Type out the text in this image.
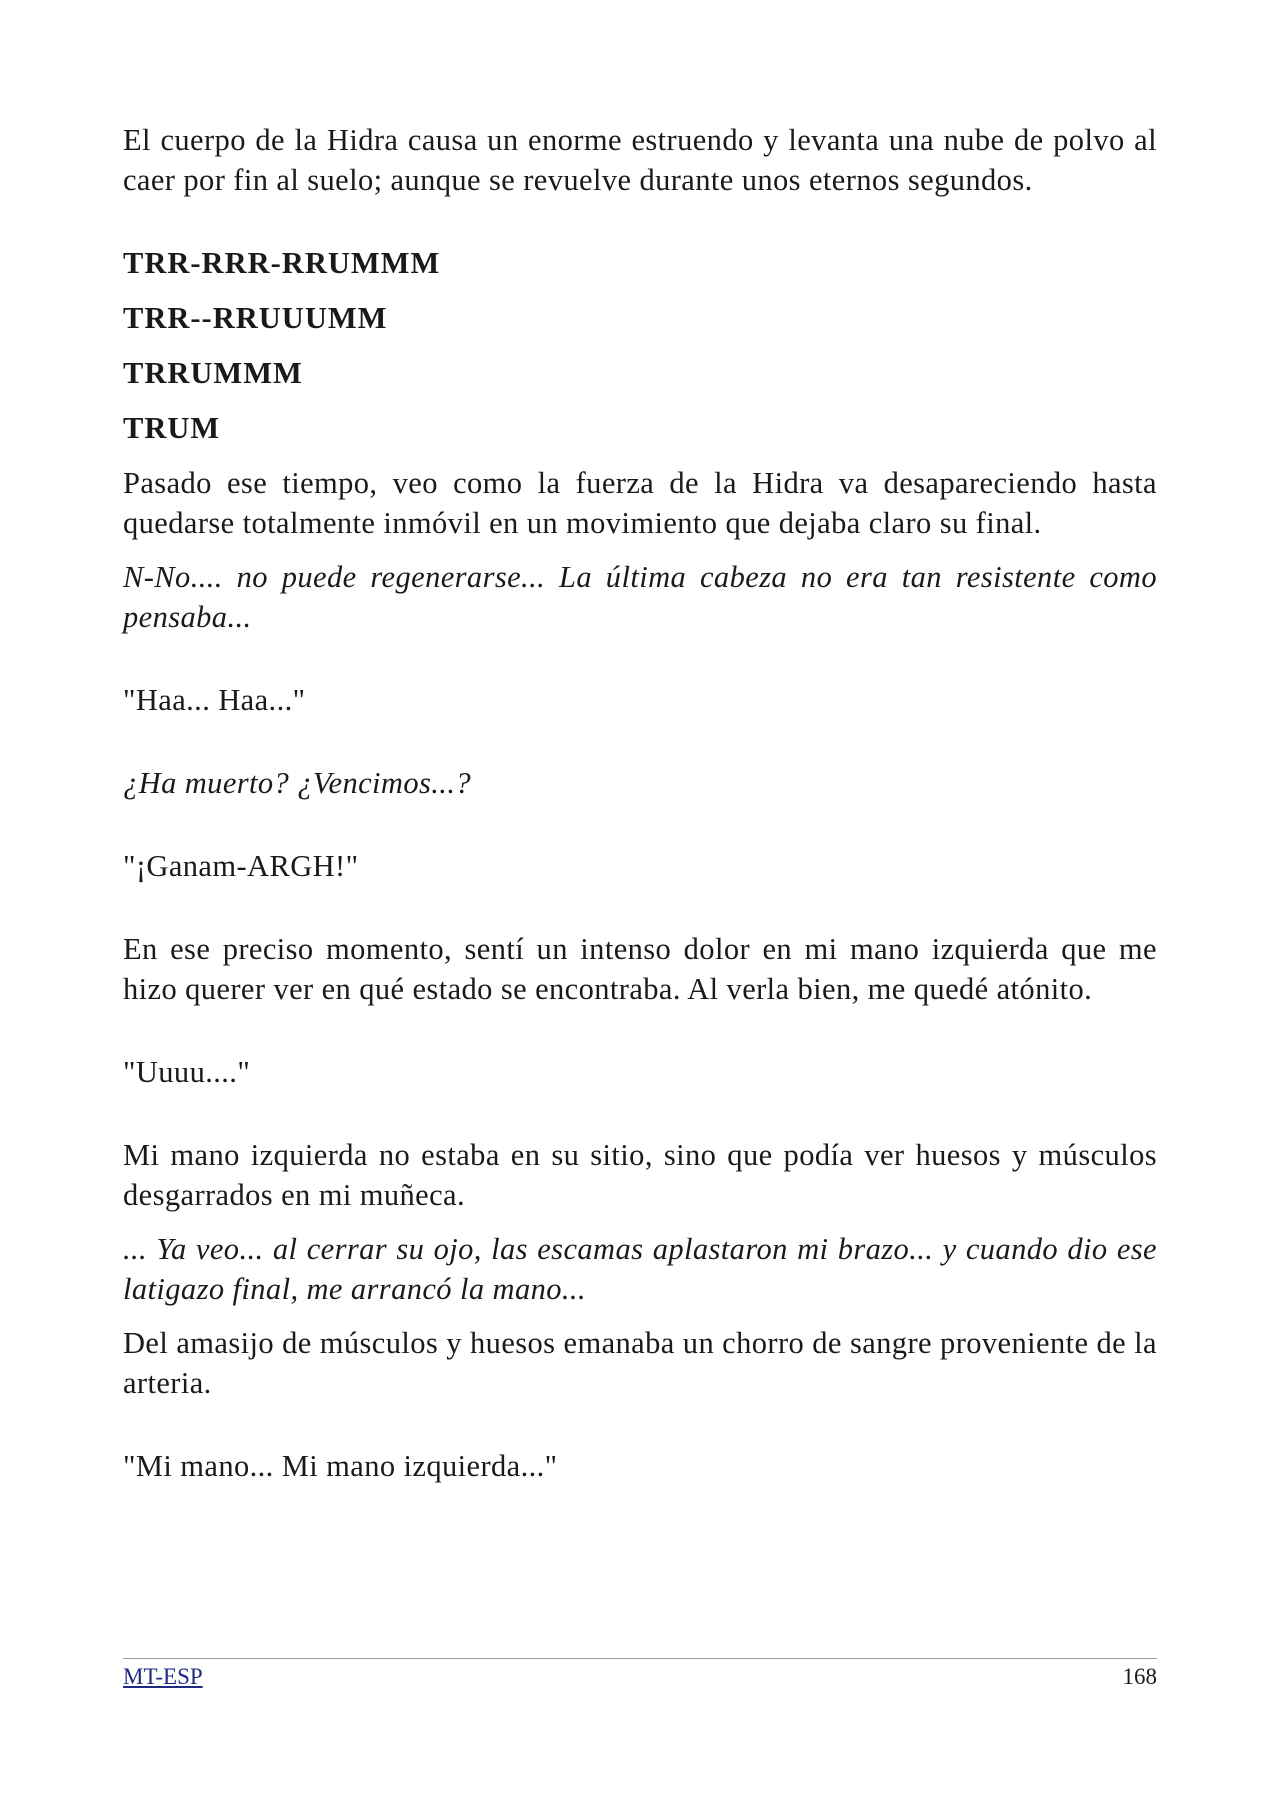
El cuerpo de la Hidra causa un enorme estruendo y levanta una nube de polvo al caer por fin al suelo; aunque se revuelve durante unos eternos segundos.

TRR-RRR-RRUMMM

TRR--RRUUUMM

TRRUMMM

TRUM

Pasado ese tiempo, veo como la fuerza de la Hidra va desapareciendo hasta quedarse totalmente inmóvil en un movimiento que dejaba claro su final.

N-No.... no puede regenerarse... La última cabeza no era tan resistente como pensaba...

"Haa... Haa..."

¿Ha muerto? ¿Vencimos...?

"¡Ganam-ARGH!"

En ese preciso momento, sentí un intenso dolor en mi mano izquierda que me hizo querer ver en qué estado se encontraba. Al verla bien, me quedé atónito.

"Uuuu...."

Mi mano izquierda no estaba en su sitio, sino que podía ver huesos y músculos desgarrados en mi muñeca.

... Ya veo... al cerrar su ojo, las escamas aplastaron mi brazo... y cuando dio ese latigazo final, me arrancó la mano...

Del amasijo de músculos y huesos emanaba un chorro de sangre proveniente de la arteria.

"Mi mano... Mi mano izquierda..."

MT-ESP	168
